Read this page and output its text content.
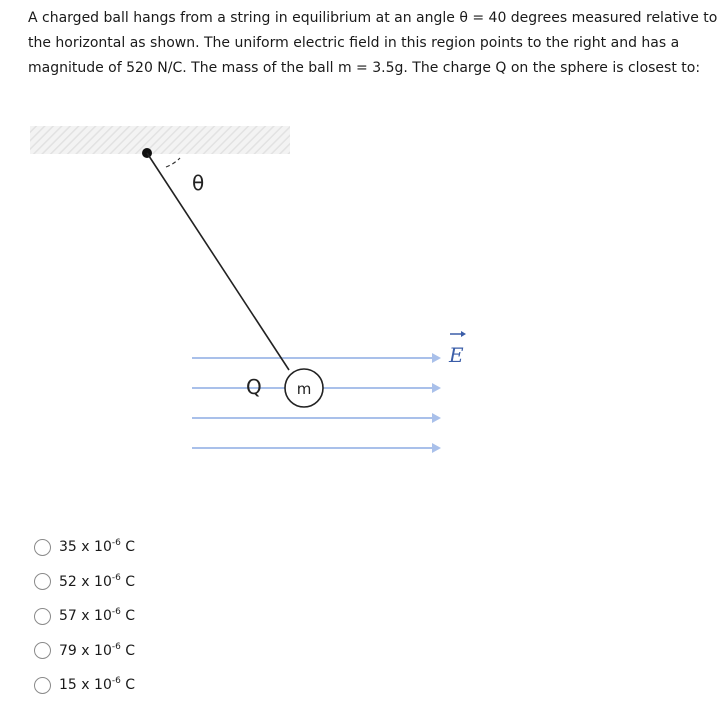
A charged ball hangs from a string in equilibrium at an angle θ = 40 degrees measured relative to the horizontal as shown. The uniform electric field in this region points to the right and has a magnitude of 520 N/C. The mass of the ball m = 3.5g. The charge Q on the sphere is closest to:
E
θ
Q m
35
x
$10^{-6}$
C
52
x
$10^{-6}$
C
57
x
$10^{-6}$
C
79
x
$10^{-6}$
C
15
x
$10^{-6}$
C
